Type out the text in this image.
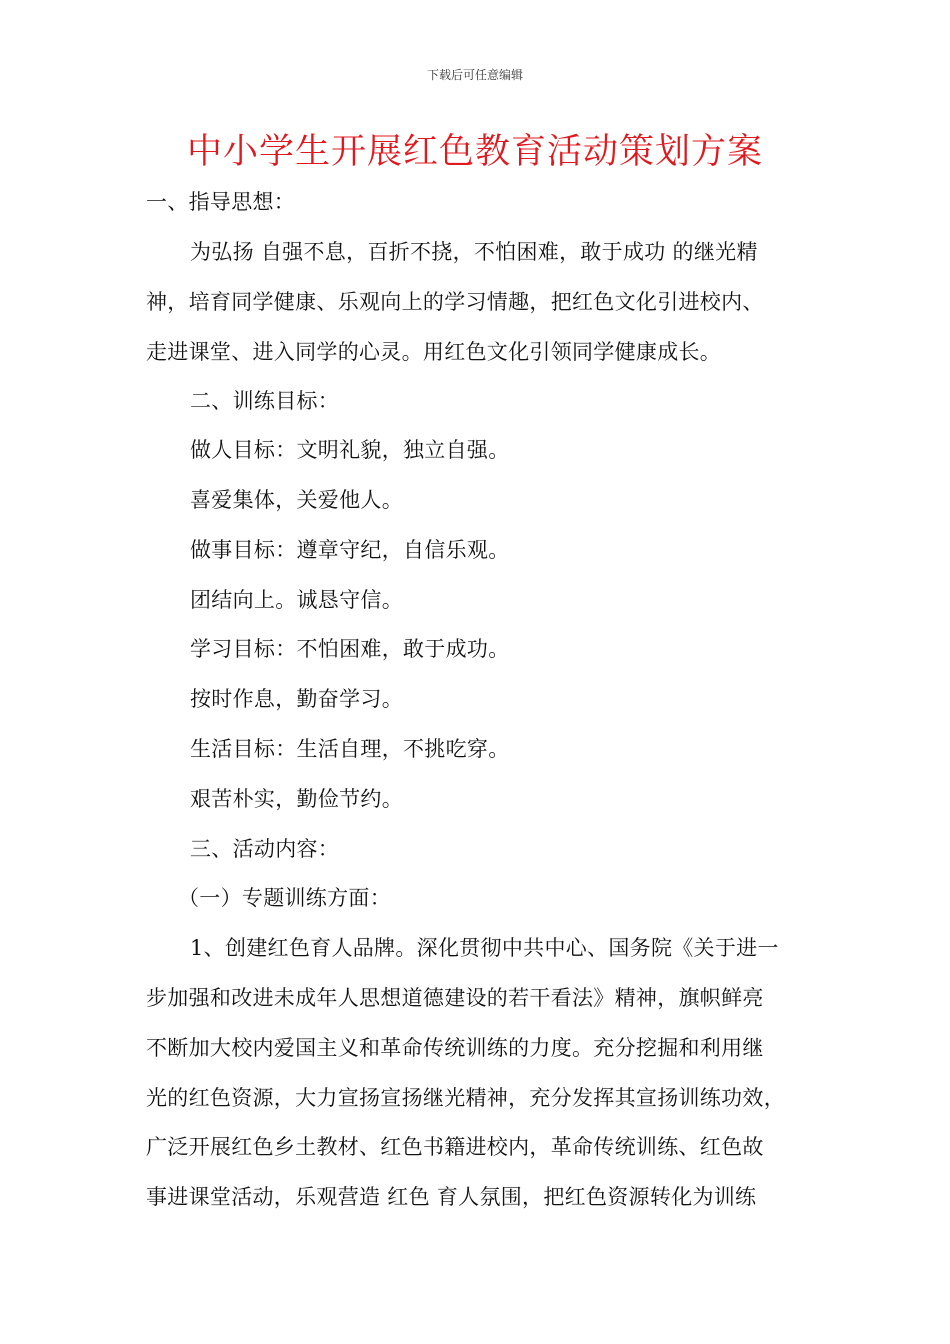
下载后可任意编辑
中小学生开展红色教育活动策划方案
一、指导思想：
为弘扬 自强不息，百折不挠，不怕困难，敢于成功 的继光精
神，培育同学健康、乐观向上的学习情趣，把红色文化引进校内、
走进课堂、进入同学的心灵。用红色文化引领同学健康成长。
二、训练目标：
做人目标：文明礼貌，独立自强。
喜爱集体，关爱他人。
做事目标：遵章守纪，自信乐观。
团结向上。诚恳守信。
学习目标：不怕困难，敢于成功。
按时作息，勤奋学习。
生活目标：生活自理，不挑吃穿。
艰苦朴实，勤俭节约。
三、活动内容：
（一）专题训练方面：
1、创建红色育人品牌。深化贯彻中共中心、国务院《关于进一
步加强和改进未成年人思想道德建设的若干看法》精神，旗帜鲜亮
不断加大校内爱国主义和革命传统训练的力度。充分挖掘和利用继
光的红色资源，大力宣扬宣扬继光精神，充分发挥其宣扬训练功效，
广泛开展红色乡土教材、红色书籍进校内，革命传统训练、红色故
事进课堂活动，乐观营造 红色 育人氛围，把红色资源转化为训练
